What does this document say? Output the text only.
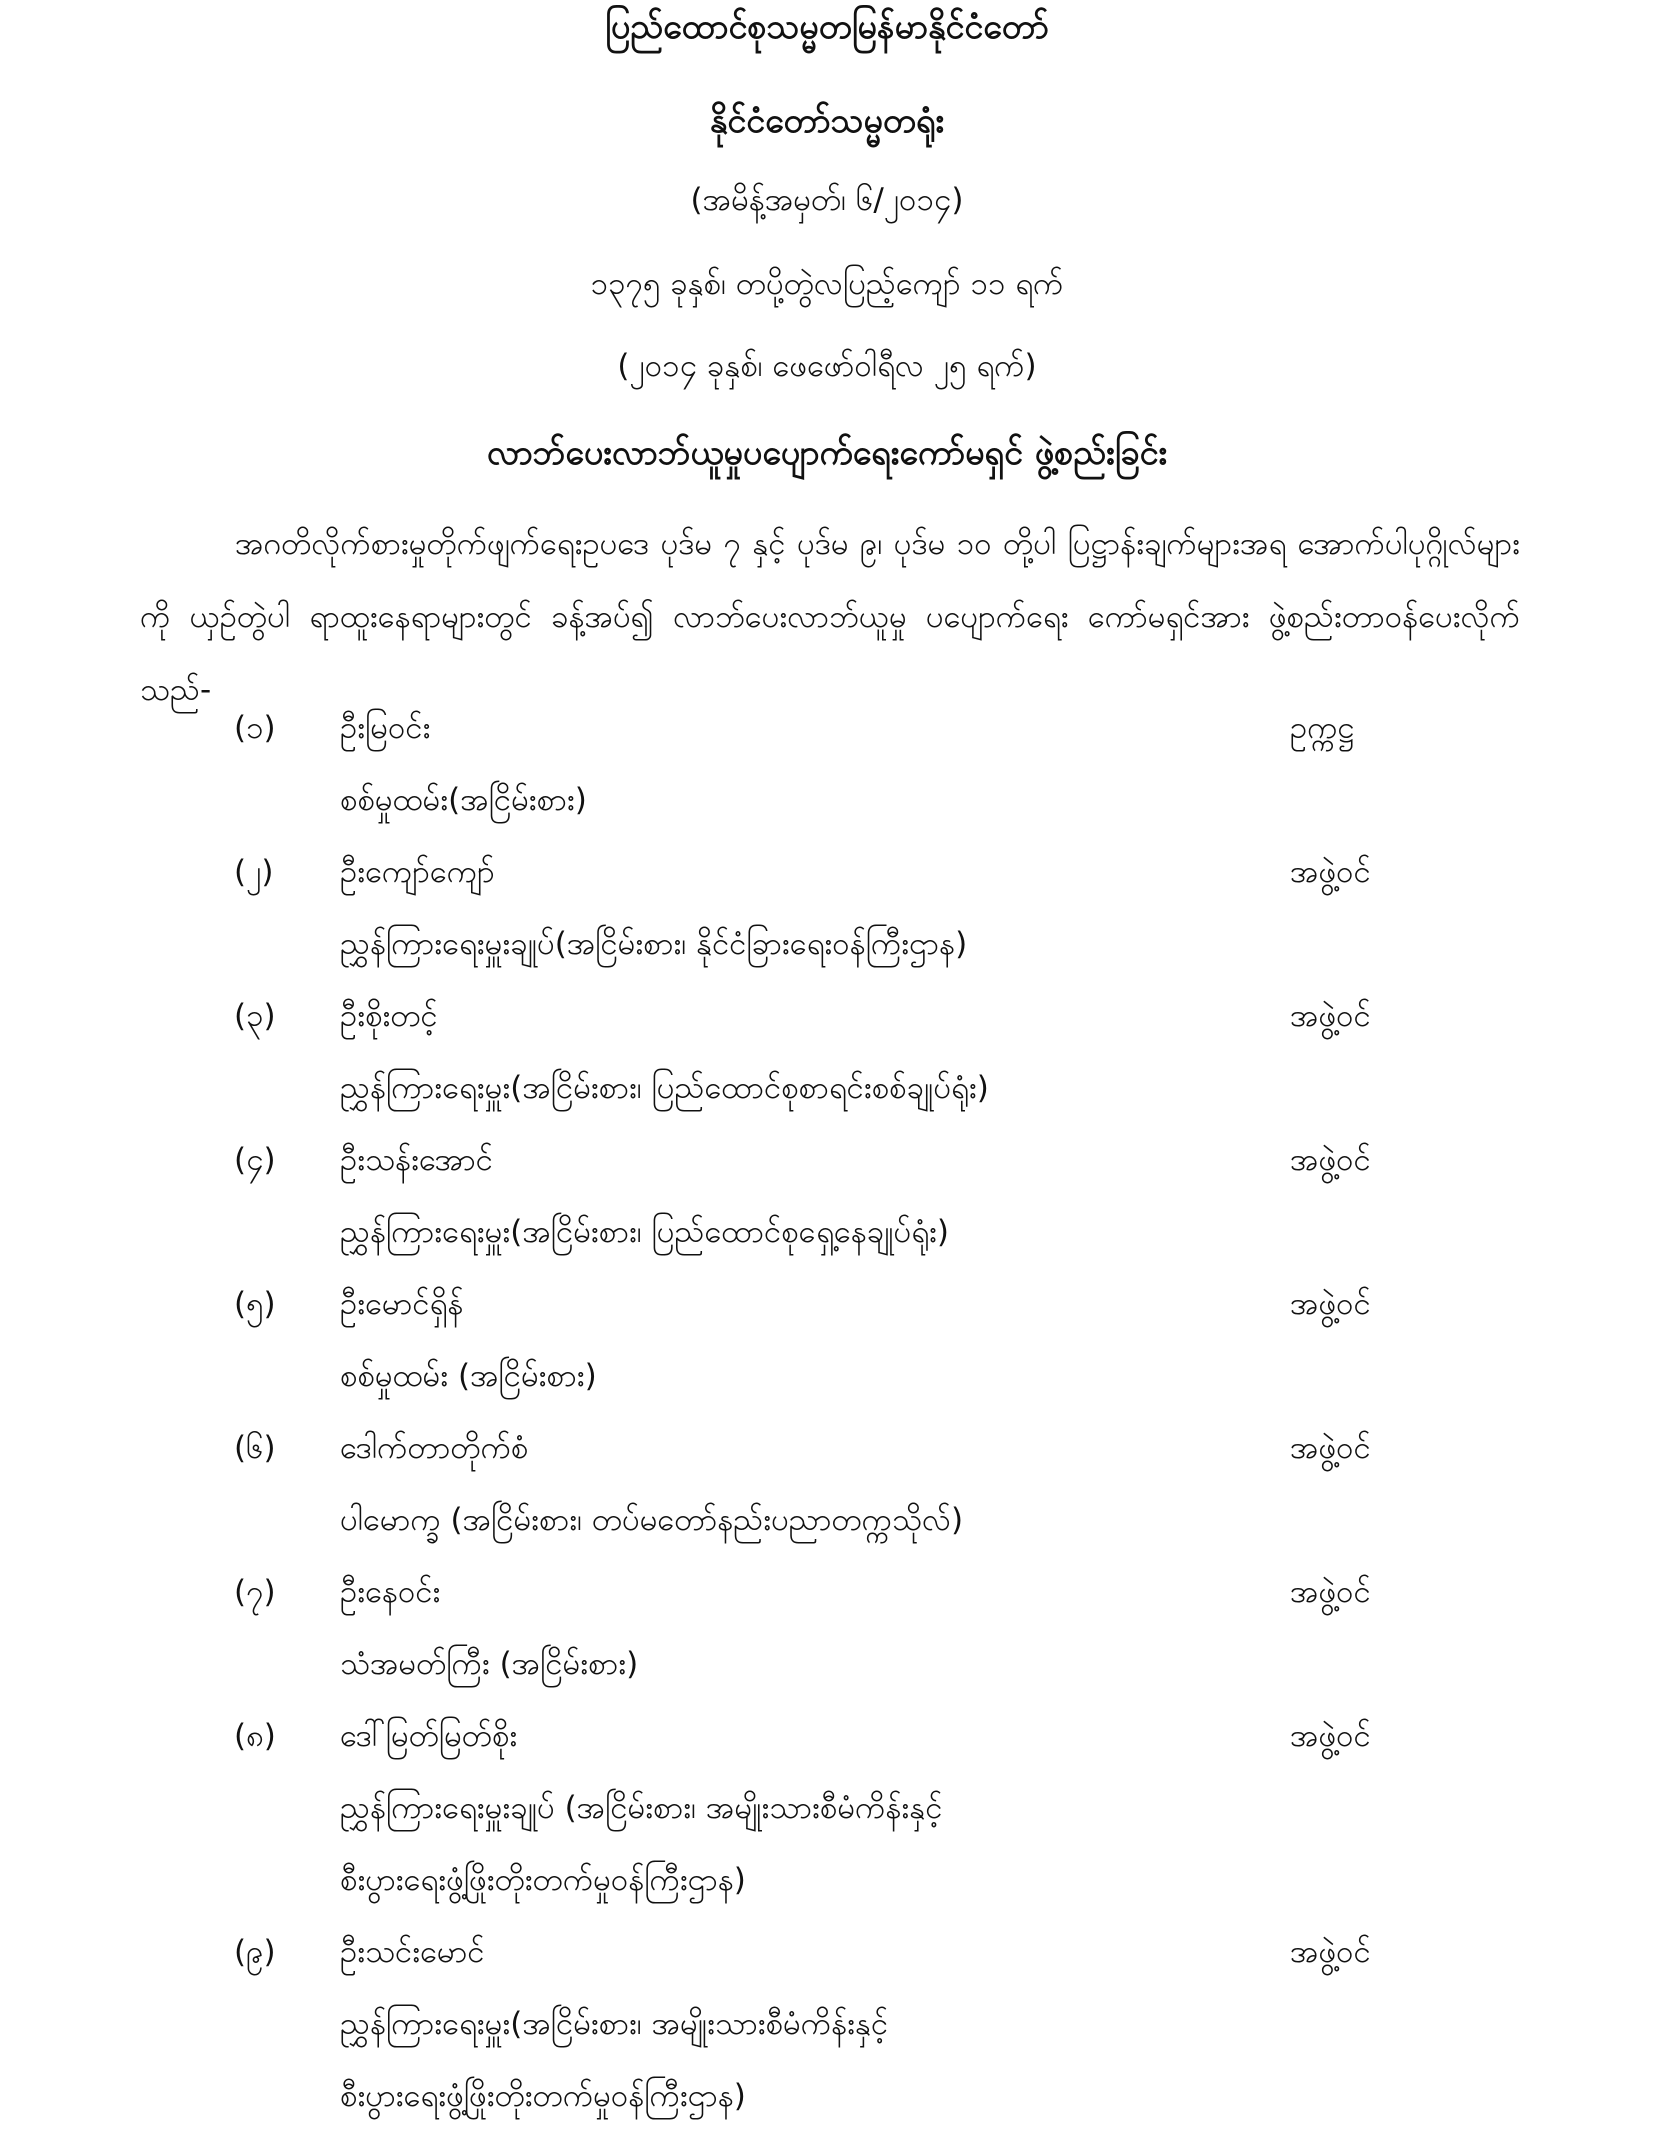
ပြည်ထောင်စုသမ္မတမြန်မာနိုင်ငံတော်
နိုင်ငံတော်သမ္မတရုံး
(အမိန့်အမှတ်၊ ၆/၂၀၁၄)
၁၃၇၅ ခုနှစ်၊ တပို့တွဲလပြည့်ကျော် ၁၁ ရက်
(၂၀၁၄ ခုနှစ်၊ ဖေဖော်ဝါရီလ ၂၅ ရက်)
လာဘ်ပေးလာဘ်ယူမှုပပျောက်ရေးကော်မရှင် ဖွဲ့စည်းခြင်း
အဂတိလိုက်စားမှုတိုက်ဖျက်ရေးဥပဒေ ပုဒ်မ ၇ နှင့် ပုဒ်မ ၉၊ ပုဒ်မ ၁၀ တို့ပါ ပြဋ္ဌာန်းချက်များအရ အောက်ပါပုဂ္ဂိုလ်များကို ယှဉ်တွဲပါ ရာထူးနေရာများတွင် ခန့်အပ်၍ လာဘ်ပေးလာဘ်ယူမှု ပပျောက်ရေး ကော်မရှင်အား ဖွဲ့စည်းတာဝန်ပေးလိုက်သည်-
(၁) ဦးမြဝင်း	ဥက္ကဋ္ဌ
စစ်မှုထမ်း(အငြိမ်းစား)
(၂) ဦးကျော်ကျော်	အဖွဲ့ဝင်
ညွှန်ကြားရေးမှူးချုပ်(အငြိမ်းစား၊ နိုင်ငံခြားရေးဝန်ကြီးဌာန)
(၃) ဦးစိုးတင့်	အဖွဲ့ဝင်
ညွှန်ကြားရေးမှူး(အငြိမ်းစား၊ ပြည်ထောင်စုစာရင်းစစ်ချုပ်ရုံး)
(၄) ဦးသန်းအောင်	အဖွဲ့ဝင်
ညွှန်ကြားရေးမှူး(အငြိမ်းစား၊ ပြည်ထောင်စုရှေ့နေချုပ်ရုံး)
(၅) ဦးမောင်ရှိန်	အဖွဲ့ဝင်
စစ်မှုထမ်း (အငြိမ်းစား)
(၆) ဒေါက်တာတိုက်စံ	အဖွဲ့ဝင်
ပါမောက္ခ (အငြိမ်းစား၊ တပ်မတော်နည်းပညာတက္ကသိုလ်)
(၇) ဦးနေဝင်း	အဖွဲ့ဝင်
သံအမတ်ကြီး (အငြိမ်းစား)
(၈) ဒေါ်မြတ်မြတ်စိုး	အဖွဲ့ဝင်
ညွှန်ကြားရေးမှူးချုပ် (အငြိမ်းစား၊ အမျိုးသားစီမံကိန်းနှင့်
စီးပွားရေးဖွံ့ဖြိုးတိုးတက်မှုဝန်ကြီးဌာန)
(၉) ဦးသင်းမောင်	အဖွဲ့ဝင်
ညွှန်ကြားရေးမှူး(အငြိမ်းစား၊ အမျိုးသားစီမံကိန်းနှင့်
စီးပွားရေးဖွံ့ဖြိုးတိုးတက်မှုဝန်ကြီးဌာန)
